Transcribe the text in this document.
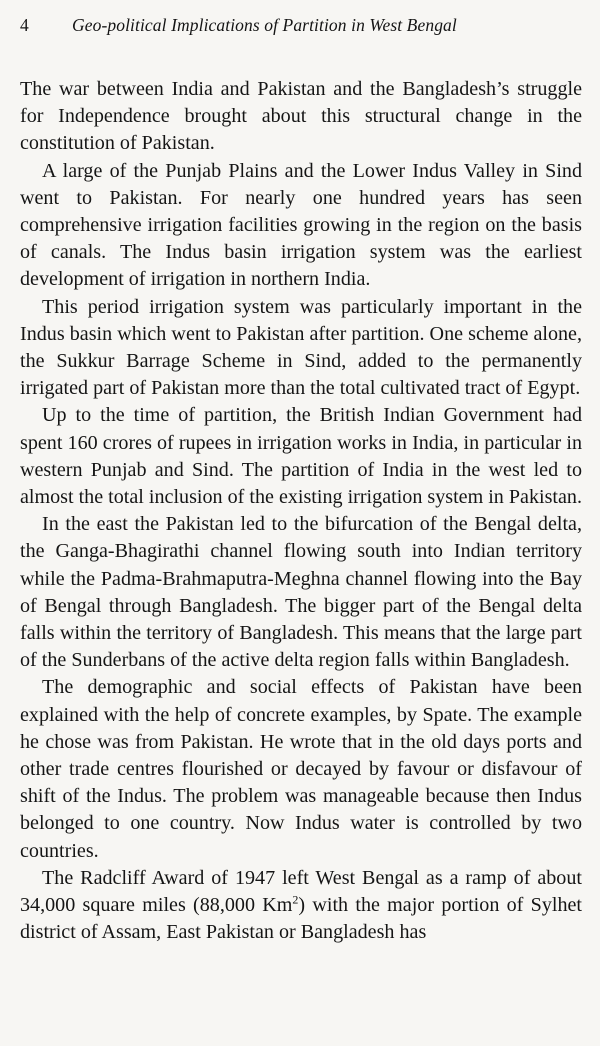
4	Geo-political Implications of Partition in West Bengal

The war between India and Pakistan and the Bangladesh’s struggle for Independence brought about this structural change in the constitution of Pakistan.

A large of the Punjab Plains and the Lower Indus Valley in Sind went to Pakistan. For nearly one hundred years has seen comprehensive irrigation facilities growing in the region on the basis of canals. The Indus basin irrigation system was the earliest development of irrigation in northern India.

This period irrigation system was particularly important in the Indus basin which went to Pakistan after partition. One scheme alone, the Sukkur Barrage Scheme in Sind, added to the permanently irrigated part of Pakistan more than the total cultivated tract of Egypt.

Up to the time of partition, the British Indian Government had spent 160 crores of rupees in irrigation works in India, in particular in western Punjab and Sind. The partition of India in the west led to almost the total inclusion of the existing irrigation system in Pakistan.

In the east the Pakistan led to the bifurcation of the Bengal delta, the Ganga-Bhagirathi channel flowing south into Indian territory while the Padma-Brahmaputra-Meghna channel flowing into the Bay of Bengal through Bangladesh. The bigger part of the Bengal delta falls within the territory of Bangladesh. This means that the large part of the Sunderbans of the active delta region falls within Bangladesh.

The demographic and social effects of Pakistan have been explained with the help of concrete examples, by Spate. The example he chose was from Pakistan. He wrote that in the old days ports and other trade centres flourished or decayed by favour or disfavour of shift of the Indus. The problem was manageable because then Indus belonged to one country. Now Indus water is controlled by two countries.

The Radcliff Award of 1947 left West Bengal as a ramp of about 34,000 square miles (88,000 Km$^2$) with the major portion of Sylhet district of Assam, East Pakistan or Bangladesh has
